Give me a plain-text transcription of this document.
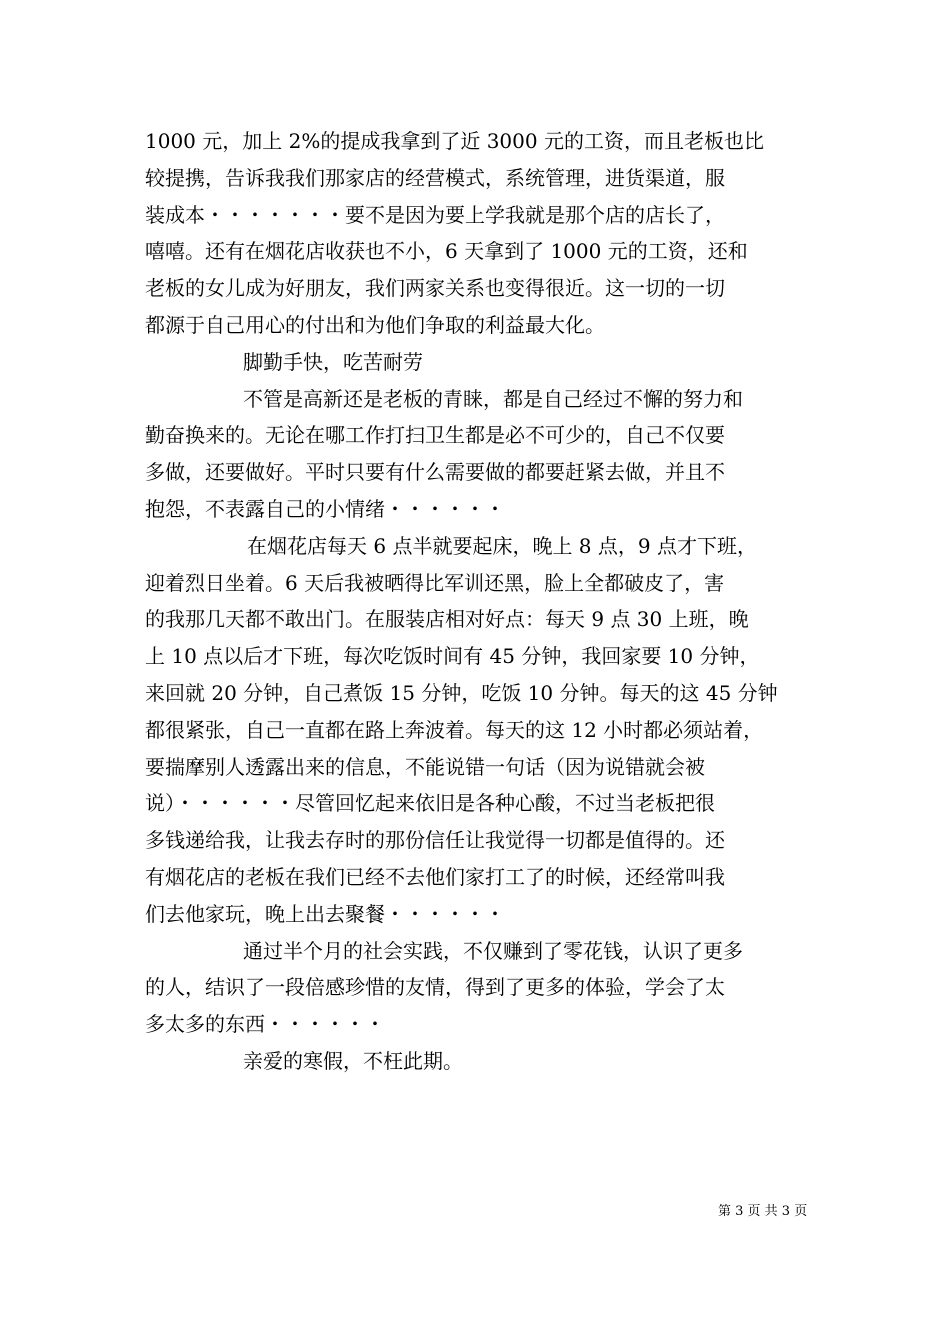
1000 元，加上 2%的提成我拿到了近 3000 元的工资，而且老板也比
较提携，告诉我我们那家店的经营模式，系统管理，进货渠道，服
装成本・・・・・・・要不是因为要上学我就是那个店的店长了，
嘻嘻。还有在烟花店收获也不小，6 天拿到了 1000 元的工资，还和
老板的女儿成为好朋友，我们两家关系也变得很近。这一切的一切
都源于自己用心的付出和为他们争取的利益最大化。
脚勤手快，吃苦耐劳
不管是高新还是老板的青睐，都是自己经过不懈的努力和
勤奋换来的。无论在哪工作打扫卫生都是必不可少的，自己不仅要
多做，还要做好。平时只要有什么需要做的都要赶紧去做，并且不
抱怨，不表露自己的小情绪・・・・・・
在烟花店每天 6 点半就要起床，晚上 8 点，9 点才下班，
迎着烈日坐着。6 天后我被晒得比军训还黑，脸上全都破皮了，害
的我那几天都不敢出门。在服装店相对好点：每天 9 点 30 上班，晚
上 10 点以后才下班，每次吃饭时间有 45 分钟，我回家要 10 分钟，
来回就 20 分钟，自己煮饭 15 分钟，吃饭 10 分钟。每天的这 45 分钟
都很紧张，自己一直都在路上奔波着。每天的这 12 小时都必须站着，
要揣摩别人透露出来的信息，不能说错一句话（因为说错就会被
说）・・・・・・尽管回忆起来依旧是各种心酸，不过当老板把很
多钱递给我，让我去存时的那份信任让我觉得一切都是值得的。还
有烟花店的老板在我们已经不去他们家打工了的时候，还经常叫我
们去他家玩，晚上出去聚餐・・・・・・
通过半个月的社会实践，不仅赚到了零花钱，认识了更多
的人，结识了一段倍感珍惜的友情，得到了更多的体验，学会了太
多太多的东西・・・・・・
亲爱的寒假，不枉此期。
第 3 页 共 3 页
